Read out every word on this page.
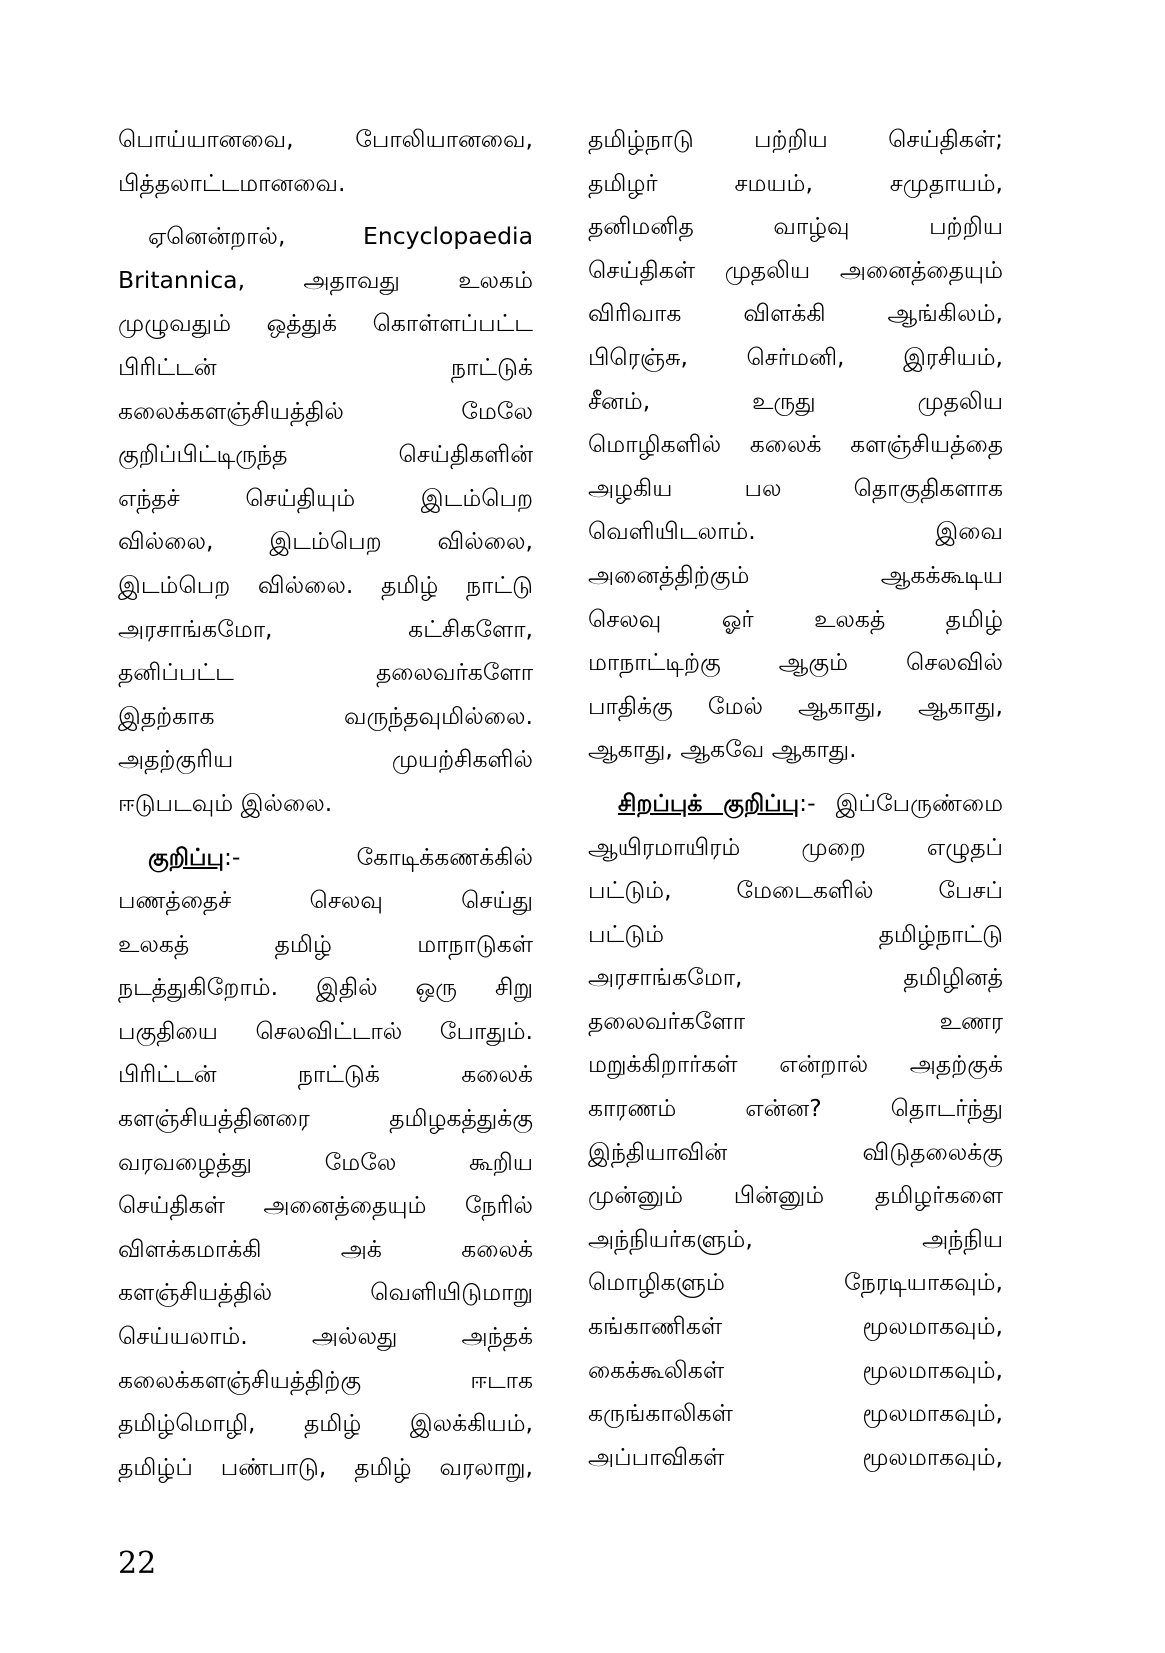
பொய்யானவை, போலியானவை,
பித்தலாட்டமானவை.
ஏனென்றால், Encyclopaedia
Britannica, அதாவது உலகம்
முழுவதும் ஒத்துக் கொள்ளப்பட்ட
பிரிட்டன் நாட்டுக்
கலைக்களஞ்சியத்தில் மேலே
குறிப்பிட்டிருந்த செய்திகளின்
எந்தச் செய்தியும் இடம்பெற
வில்லை, இடம்பெற வில்லை,
இடம்பெற வில்லை. தமிழ் நாட்டு
அரசாங்கமோ, கட்சிகளோ,
தனிப்பட்ட தலைவர்களோ
இதற்காக வருந்தவுமில்லை.
அதற்குரிய முயற்சிகளில்
ஈடுபடவும் இல்லை.
குறிப்பு:- கோடிக்கணக்கில்
பணத்தைச் செலவு செய்து
உலகத் தமிழ் மாநாடுகள்
நடத்துகிறோம். இதில் ஒரு சிறு
பகுதியை செலவிட்டால் போதும்.
பிரிட்டன் நாட்டுக் கலைக்
களஞ்சியத்தினரை தமிழகத்துக்கு
வரவழைத்து மேலே கூறிய
செய்திகள் அனைத்தையும் நேரில்
விளக்கமாக்கி அக் கலைக்
களஞ்சியத்தில் வெளியிடுமாறு
செய்யலாம். அல்லது அந்தக்
கலைக்களஞ்சியத்திற்கு ஈடாக
தமிழ்மொழி, தமிழ் இலக்கியம்,
தமிழ்ப் பண்பாடு, தமிழ் வரலாறு,
தமிழ்நாடு பற்றிய செய்திகள்;
தமிழர் சமயம், சமுதாயம்,
தனிமனித வாழ்வு பற்றிய
செய்திகள் முதலிய அனைத்தையும்
விரிவாக விளக்கி ஆங்கிலம்,
பிரெஞ்சு, செர்மனி, இரசியம்,
சீனம், உருது முதலிய
மொழிகளில் கலைக் களஞ்சியத்தை
அழகிய பல தொகுதிகளாக
வெளியிடலாம். இவை
அனைத்திற்கும் ஆகக்கூடிய
செலவு ஓர் உலகத் தமிழ்
மாநாட்டிற்கு ஆகும் செலவில்
பாதிக்கு மேல் ஆகாது, ஆகாது,
ஆகாது, ஆகவே ஆகாது.
சிறப்புக் குறிப்பு:- இப்பேருண்மை
ஆயிரமாயிரம் முறை எழுதப்
பட்டும், மேடைகளில் பேசப்
பட்டும் தமிழ்நாட்டு
அரசாங்கமோ, தமிழினத்
தலைவர்களோ உணர
மறுக்கிறார்கள் என்றால் அதற்குக்
காரணம் என்ன? தொடர்ந்து
இந்தியாவின் விடுதலைக்கு
முன்னும் பின்னும் தமிழர்களை
அந்நியர்களும், அந்நிய
மொழிகளும் நேரடியாகவும்,
கங்காணிகள் மூலமாகவும்,
கைக்கூலிகள் மூலமாகவும்,
கருங்காலிகள் மூலமாகவும்,
அப்பாவிகள் மூலமாகவும்,
22
